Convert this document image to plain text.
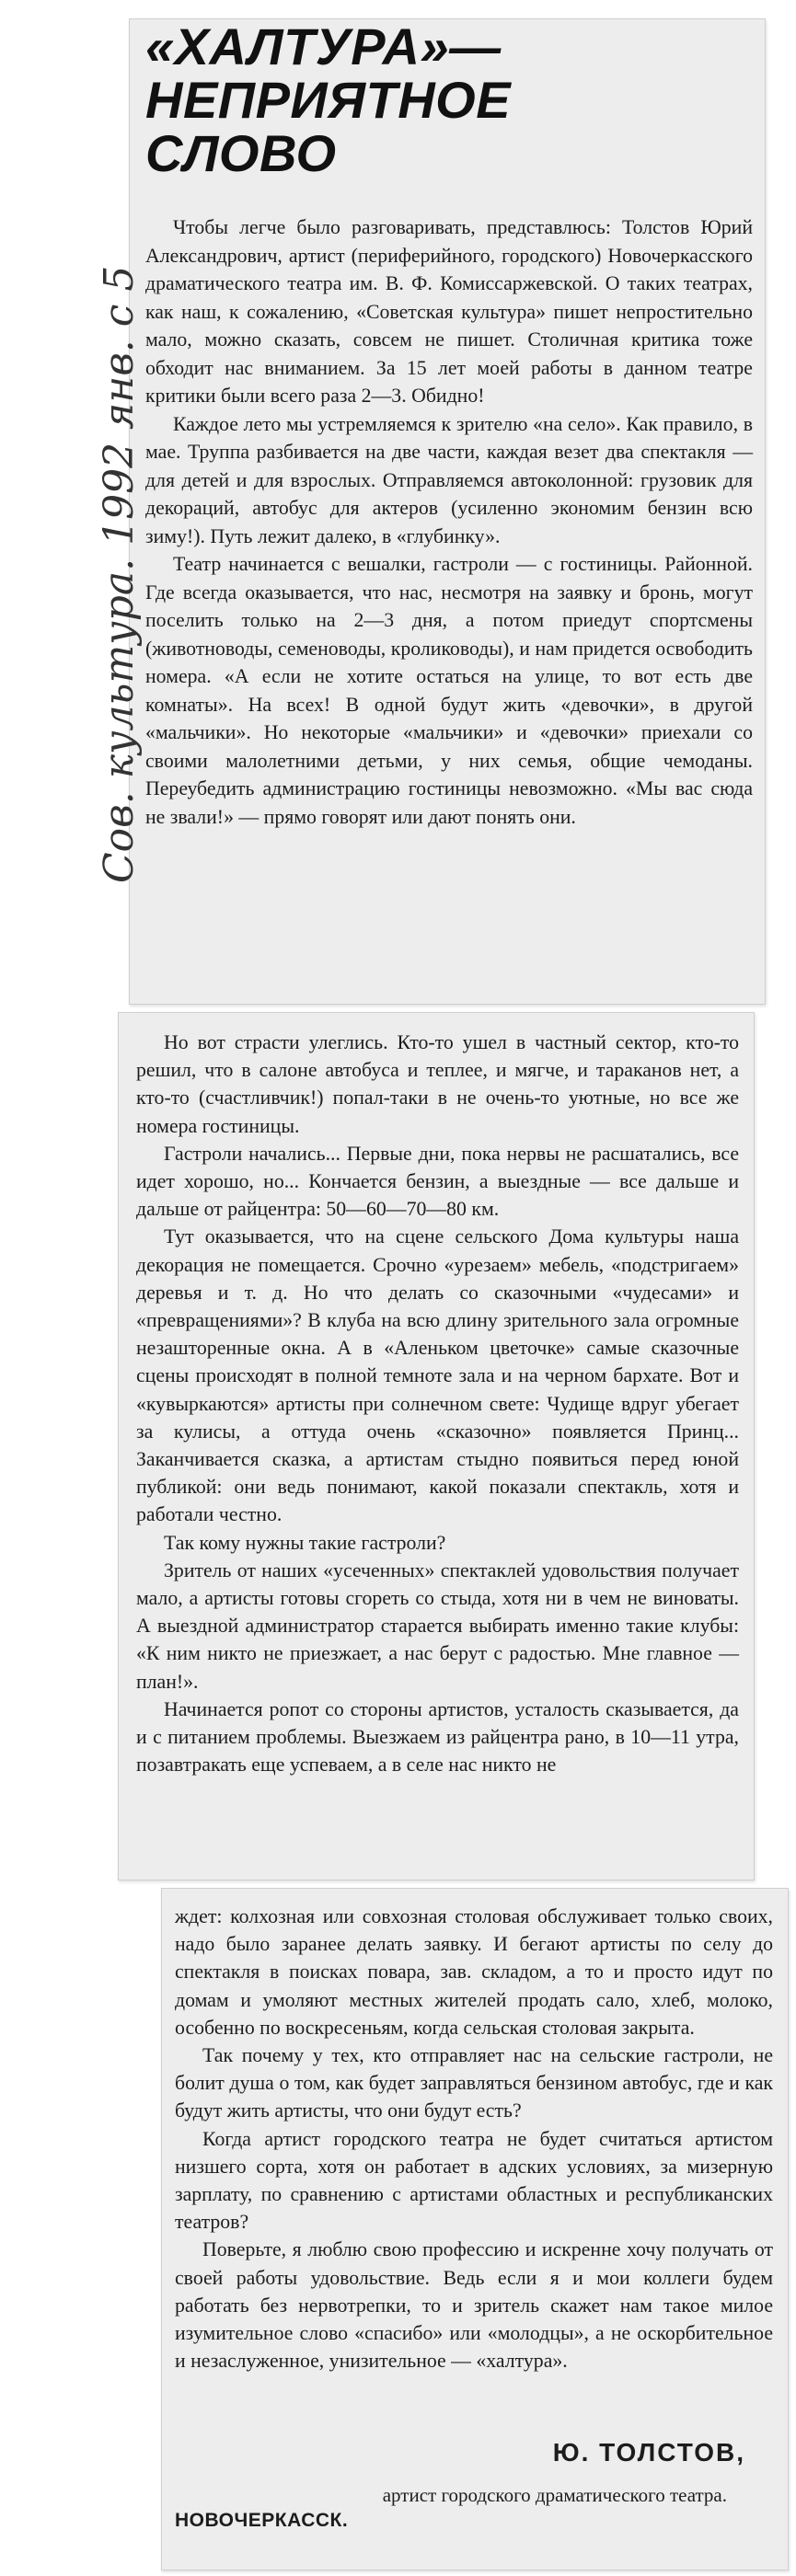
«ХАЛТУРА»—
НЕПРИЯТНОЕ
СЛОВО
Сов. культура. 1992 янв. с 5

Чтобы легче было разговаривать, представлюсь: Толстов Юрий Александрович, артист (периферийного, городского) Новочеркасского драматического театра им. В. Ф. Комиссаржевской. О таких театрах, как наш, к сожалению, «Советская культура» пишет непростительно мало, можно сказать, совсем не пишет. Столичная критика тоже обходит нас вниманием. За 15 лет моей работы в данном театре критики были всего раза 2—3. Обидно!

Каждое лето мы устремляемся к зрителю «на село». Как правило, в мае. Труппа разбивается на две части, каждая везет два спектакля — для детей и для взрослых. Отправляемся автоколонной: грузовик для декораций, автобус для актеров (усиленно экономим бензин всю зиму!). Путь лежит далеко, в «глубинку».

Театр начинается с вешалки, гастроли — с гостиницы. Районной. Где всегда оказывается, что нас, несмотря на заявку и бронь, могут поселить только на 2—3 дня, а потом приедут спортсмены (животноводы, семеноводы, кролиководы), и нам придется освободить номера. «А если не хотите остаться на улице, то вот есть две комнаты». На всех! В одной будут жить «девочки», в другой «мальчики». Но некоторые «мальчики» и «девочки» приехали со своими малолетними детьми, у них семья, общие чемоданы. Переубедить администрацию гостиницы невозможно. «Мы вас сюда не звали!» — прямо говорят или дают понять они.

Но вот страсти улеглись. Кто-то ушел в частный сектор, кто-то решил, что в салоне автобуса и теплее, и мягче, и тараканов нет, а кто-то (счастливчик!) попал-таки в не очень-то уютные, но все же номера гостиницы.

Гастроли начались... Первые дни, пока нервы не расшатались, все идет хорошо, но... Кончается бензин, а выездные — все дальше и дальше от райцентра: 50—60—70—80 км.

Тут оказывается, что на сцене сельского Дома культуры наша декорация не помещается. Срочно «урезаем» мебель, «подстригаем» деревья и т. д. Но что делать со сказочными «чудесами» и «превращениями»? В клуба на всю длину зрительного зала огромные незашторенные окна. А в «Аленьком цветочке» самые сказочные сцены происходят в полной темноте зала и на черном бархате. Вот и «кувыркаются» артисты при солнечном свете: Чудище вдруг убегает за кулисы, а оттуда очень «сказочно» появляется Принц... Заканчивается сказка, а артистам стыдно появиться перед юной публикой: они ведь понимают, какой показали спектакль, хотя и работали честно.

Так кому нужны такие гастроли?

Зритель от наших «усеченных» спектаклей удовольствия получает мало, а артисты готовы сгореть со стыда, хотя ни в чем не виноваты. А выездной администратор старается выбирать именно такие клубы: «К ним никто не приезжает, а нас берут с радостью. Мне главное — план!».

Начинается ропот со стороны артистов, усталость сказывается, да и с питанием проблемы. Выезжаем из райцентра рано, в 10—11 утра, позавтракать еще успеваем, а в селе нас никто не

ждет: колхозная или совхозная столовая обслуживает только своих, надо было заранее делать заявку. И бегают артисты по селу до спектакля в поисках повара, зав. складом, а то и просто идут по домам и умоляют местных жителей продать сало, хлеб, молоко, особенно по воскресеньям, когда сельская столовая закрыта.

Так почему у тех, кто отправляет нас на сельские гастроли, не болит душа о том, как будет заправляться бензином автобус, где и как будут жить артисты, что они будут есть?

Когда артист городского театра не будет считаться артистом низшего сорта, хотя он работает в адских условиях, за мизерную зарплату, по сравнению с артистами областных и республиканских театров?

Поверьте, я люблю свою профессию и искренне хочу получать от своей работы удовольствие. Ведь если я и мои коллеги будем работать без нервотрепки, то и зритель скажет нам такое милое изумительное слово «спасибо» или «молодцы», а не оскорбительное и незаслуженное, унизительное — «халтура».

Ю. ТОЛСТОВ,
артист городского драматического театра.
НОВОЧЕРКАССК.
